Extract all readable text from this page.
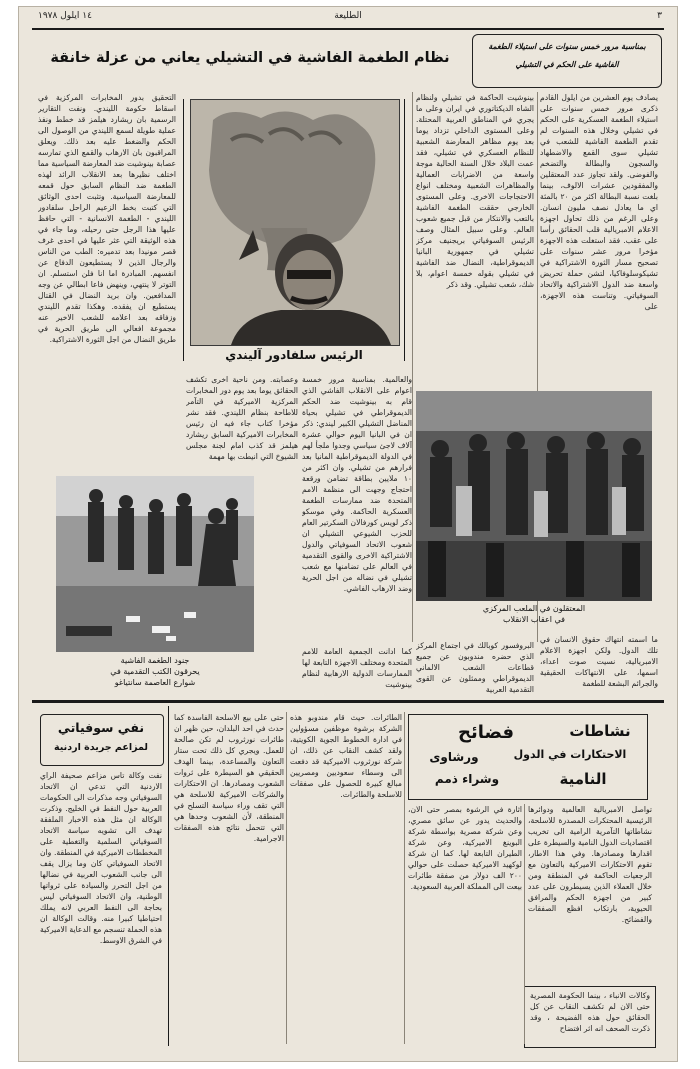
١٤ أيلول ١٩٧٨	الطليعة	٣
بمناسبة مرور خمس سنوات على استيلاء الطغمة
الفاشية على الحكم في التشيلي
نظام الطغمة الفاشية في التشيلي يعاني من عزلة خانقة
يصادف يوم العشرين من ايلول القادم ذكرى مرور خمس سنوات على استيلاء الطغمة العسكرية على الحكم في تشيلي وخلال هذه السنوات لم تقدم الطغمة الفاشية للشعب في تشيلي سوى القمع والاضطهاد والسجون والبطالة والتضخم والفوضى. ولقد تجاوز عدد المعتقلين والمفقودين عشرات الالوف، بينما بلغت نسبة البطالة اكثر من ٢٠ بالمئة اي ما يعادل نصف مليون انسان. وعلى الرغم من ذلك تحاول اجهزة الاعلام الامبريالية قلب الحقائق رأسا على عقب. فقد استغلت هذه الاجهزة مؤخرا مرور عشر سنوات على تصحيح مسار الثورة الاشتراكية في تشيكوسلوفاكيا، لتشن حملة تحريض واسعة ضد الدول الاشتراكية والاتحاد السوفياتي. وتناست هذه الاجهزة، على
بينوشيت الحاكمة في تشيلي ولنظام الشاه الديكتاتوري في ايران وعلى ما يجري في المناطق العربية المحتلة. وعلى المستوى الداخلي تزداد يوما بعد يوم مظاهر المعارضة الشعبية للنظام العسكري في تشيلي، فقد عمت البلاد خلال السنة الحالية موجة واسعة من الاضرابات العمالية والمظاهرات الشعبية ومختلف انواع الاحتجاجات الاخرى. وعلى المستوى الخارجي حققت الطغمة الفاشية بالتعب والانتكار من قبل جميع شعوب العالم. وعلى سبيل المثال وصف الرئيس السوفياتي بريجنيف مركز تشيلي في جمهورية البانيا الديموقراطية، النضال ضد الفاشية في تشيلي بقوله خمسة اعوام، بلا شك، شعب تشيلي. وقد ذكر
الرئيس سلفادور آليندي
التحقيق بدور المخابرات المركزية في اسقاط حكومة الليندي. ونفت التقارير الرسمية بان ريشارد هيلمز قد خطط ونفذ عملية طويلة لسمع الليندي من الوصول الى الحكم والضغط عليه بعد ذلك. ويعلق المراقبون بان الارهاب والقمع الذي تمارسه عصابة بينوشيت ضد المعارضة السياسية مما اختلف نظيرها بعد الانقلاب الرائد لهذه الطغمة ضد النظام السابق حول قمعه للمعارضة السياسية. وتثبت احدى الوثائق التي كتبت بخط الزعيم الراحل سلفادور الليندي - الطغمة الانسانية - التي حافظ عليها هذا الرجل حتى رحيله، وما جاء في هذه الوثيقة التي عثر عليها في احدى غرف قصر مونيدا بعد تدميره: الطب من الناس والرجال الذين لا يستطيعون الدفاع عن انفسهم. المبادرة اما انا فلن استسلم. ان التوتر لا ينتهي، وينهض فاعا ابطالي عن وجه المدافعين. وان بريد النضال في القتال يستطيع ان يفقده. وهكذا تقدم الليندي وزفاقه بعد اعلامه للشعب الاخير عنه مجموعة افعالي الى طريق الحرية في طريق النضال من اجل الثورة الاشتراكية.
وعصابته. ومن ناحية اخرى تكشف الحقائق يوما بعد يوم دور المخابرات المركزية الاميركية في التآمر للاطاحة بنظام الليندي. فقد نشر مؤخرا كتاب جاء فيه ان رئيس المخابرات الاميركية السابق ريشارد هيلمز قد كذب امام لجنة مجلس الشيوخ التي انيطت بها مهمة
والعالمية. بمناسبة مرور خمسة اعوام على الانقلاب الفاشي الذي قام به بينوشيت ضد الحكم الديموقراطي في تشيلي بحياة المناضل التشيلي الكبير ليندي: ذكر ان في البانيا اليوم حوالي عشرة آلاف لاجئ سياسي وجدوا ملجأ لهم في الدولة الديموقراطية المانيا بعد فرارهم من تشيلي. وان اكثر من ١٠ ملايين بطاقة تضامن ورقعة احتجاج وجهت الى منظمة الامم المتحدة ضد ممارسات الطغمة العسكرية الحاكمة. وفي موسكو ذكر لويس كورفالان السكرتير العام للحزب الشيوعي التشيلي ان شعوب الاتحاد السوفياتي والدول الاشتراكية الاخرى والقوى التقدمية في العالم على تضامنها مع شعب تشيلي في نضاله من اجل الحرية وضد الارهاب الفاشي.
المعتقلون في الملعب المركزي
في اعقاب الانقلاب
ما اسمته انتهاك حقوق الانسان في تلك الدول. ولكن اجهزة الاعلام الامبريالية، نسيت صوت اعداء، اسمها، على الانتهاكات الحقيقية والجرائم البشعة للطغمة
البروفسور كوبالك في اجتماع المركز الذي حضره مندوبون عن جميع قطاعات الشعب الالماني الديموقراطي وممثلون عن القوى التقدمية العربية
كما ادانت الجمعية العامة للامم المتحدة ومختلف الاجهزة التابعة لها الممارسات الدولية الارهابية لنظام بينوشيت
جنود الطغمة الفاشية
يحرقون الكتب التقدمية في
شوارع العاصمة سانتياغو
نشاطات
فضائح
الاحتكارات في الدول
ورشاوى
النامية
وشراء ذمم
تواصل الامبريالية العالمية ودوائرها الرئيسية المحتكرات المصدرة للاسلحة، نشاطاتها التآمرية الرامية الى تخريب اقتصاديات الدول النامية والسيطرة على اقدارها ومصادرها. وفي هذا الاطار، تقوم الاحتكارات الاميركية بالتعاون مع الرجعيات الحاكمة في المنطقة ومن خلال العملاء الذين يسيطرون على عدد كبير من اجهزة الحكم والمرافق الحيوية، بارتكاب افظع الصفقات والفضائح.
وكالات الانباء ، بينما الحكومة المصرية حتى الان لم تكشف النقاب عن كل الحقائق حول هذه الفضيحة ، وقد ذكرت الصحف انه اثر افتضاح
اثارة في الرشوة بمصر حتى الان، والحديث يدور عن سائق مصري، وعن شركة مصرية بواسطة شركة البوينغ الاميركية، وعن شركة الطيران التابعة لها. كما ان شركة لوكهيد الاميركية حصلت على حوالي ٢٠٠ الف دولار من صفقة طائرات بيعت الى المملكة العربية السعودية.
الطائرات. حيث قام مندوبو هذه الشركة برشوة موظفين مسؤولين في ادارة الخطوط الجوية الكويتية، ولقد كشف النقاب عن ذلك، ان شركة نورثروب الاميركية قد دفعت الى وسطاء سعوديين ومصريين مبالغ كبيرة للحصول على صفقات للاسلحة والطائرات.
حتى على بيع الاسلحة الفاسدة كما حدث في احد البلدان، حين ظهر ان طائرات نورثروب لم تكن صالحة للعمل. ويجري كل ذلك تحت ستار التعاون والمساعدة، بينما الهدف الحقيقي هو السيطرة على ثروات الشعوب ومصادرها. ان الاحتكارات والشركات الاميركية للاسلحة هي التي تقف وراء سياسة التسلح في المنطقة، لأن الشعوب وحدها هي التي تتحمل نتائج هذه الصفقات الاجرامية.
نفي سوفياتي
لمزاعم جريدة اردنية
نفت وكالة تاس مزاعم صحيفة الراي الاردنية التي تدعي ان الاتحاد السوفياتي وجه مذكرات الى الحكومات العربية حول النفط في الخليج. وذكرت الوكالة ان مثل هذه الاخبار الملفقة تهدف الى تشويه سياسة الاتحاد السوفياتي السلمية والتغطية على المخططات الاميركية في المنطقة. وان الاتحاد السوفياتي كان وما يزال يقف الى جانب الشعوب العربية في نضالها من اجل التحرر والسيادة على ثرواتها الوطنية، وان الاتحاد السوفياتي ليس بحاجة الى النفط العربي لانه يملك احتياطيا كبيرا منه. وقالت الوكالة ان هذه الحملة تنسجم مع الدعاية الاميركية في الشرق الاوسط.
